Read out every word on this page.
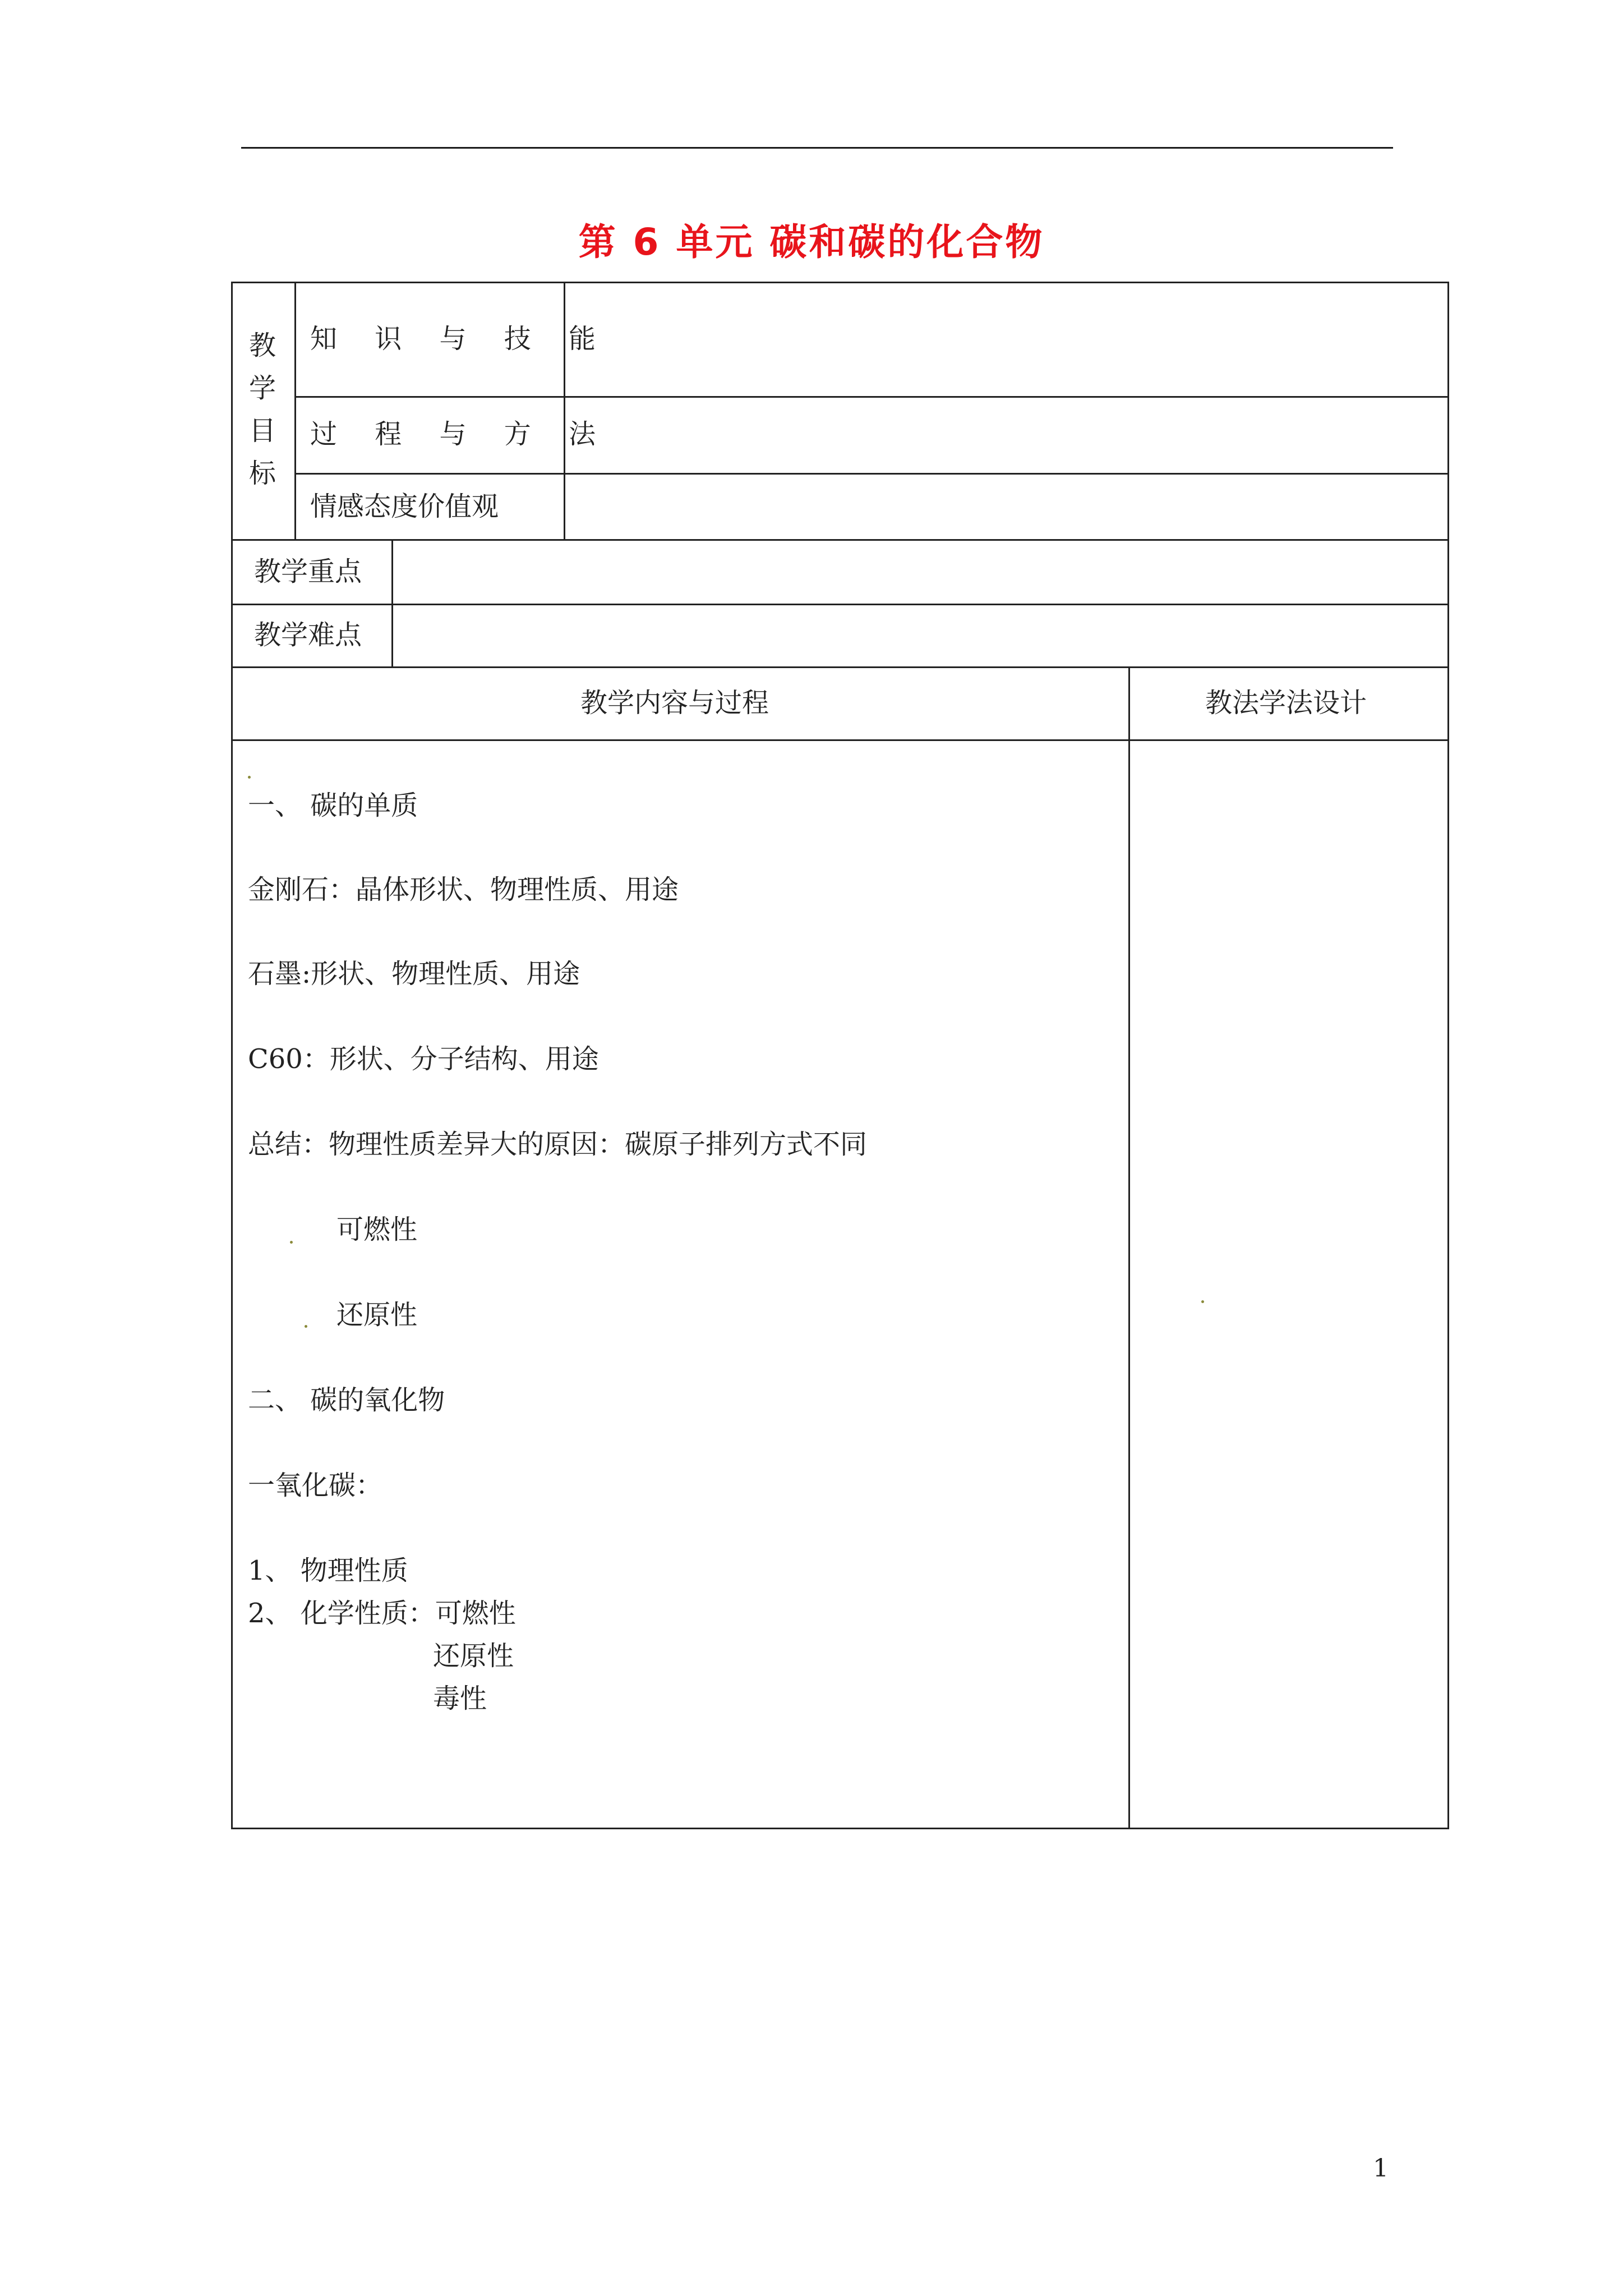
第 6 单元 碳和碳的化合物
教学目标
知 识 与 技 能
过 程 与 方 法
情感态度价值观
教学重点
教学难点
教学内容与过程	教法学法设计
一、 碳的单质
金刚石：晶体形状、物理性质、用途
石墨:形状、物理性质、用途
C60：形状、分子结构、用途
总结：物理性质差异大的原因：碳原子排列方式不同
可燃性
还原性
二、 碳的氧化物
一氧化碳：
1、 物理性质
2、 化学性质：可燃性
还原性
毒性
1
